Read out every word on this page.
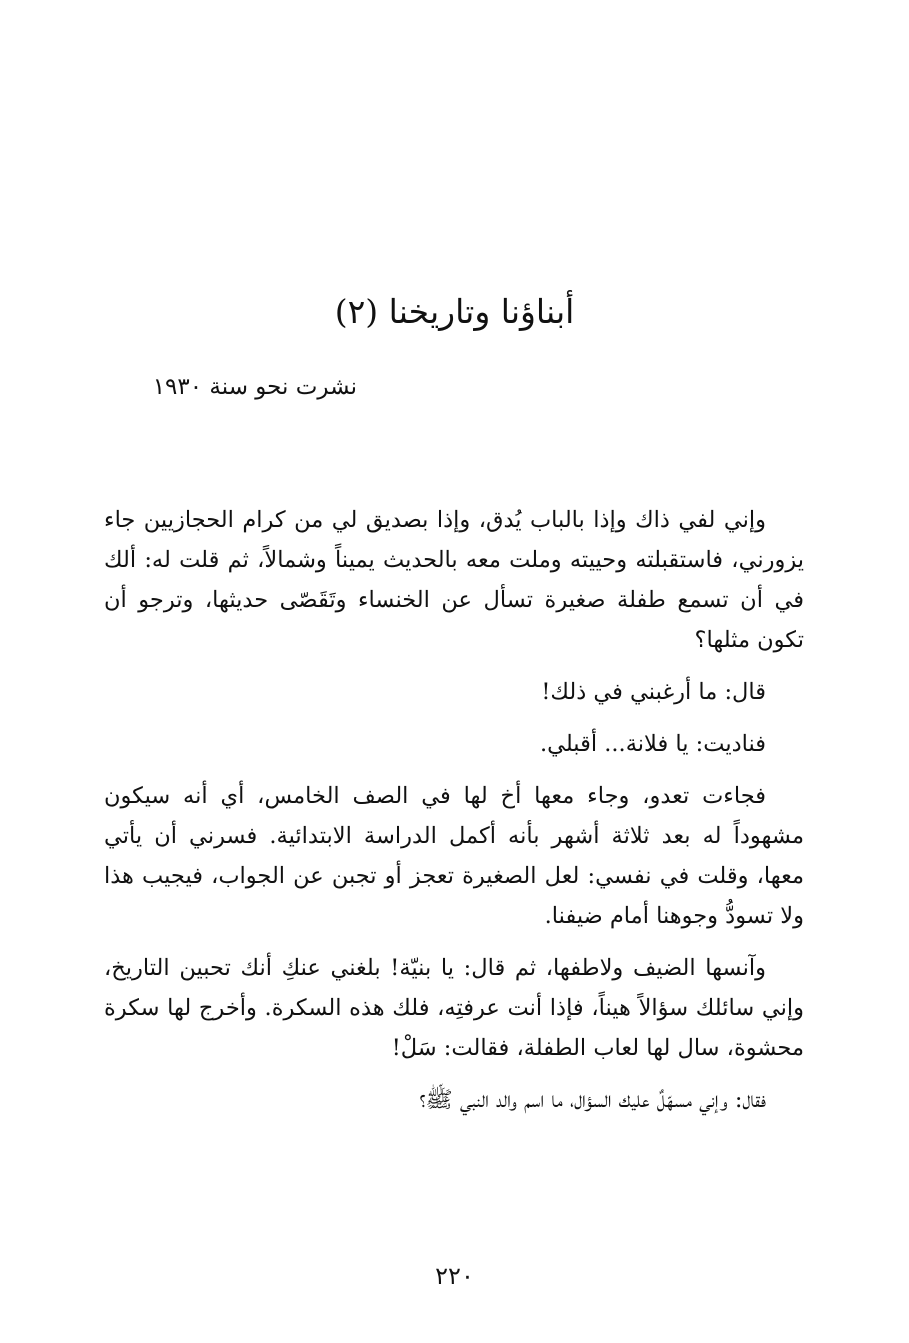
أبناؤنا وتاريخنا (٢)

نشرت نحو سنة ١٩٣٠

وإني لفي ذاك وإذا بالباب يُدق، وإذا بصديق لي من كرام الحجازيين جاء يزورني، فاستقبلته وحييته وملت معه بالحديث يميناً وشمالاً، ثم قلت له: ألك في أن تسمع طفلة صغيرة تسأل عن الخنساء وتَقَصّى حديثها، وترجو أن تكون مثلها؟

قال: ما أرغبني في ذلك!

فناديت: يا فلانة... أقبلي.

فجاءت تعدو، وجاء معها أخ لها في الصف الخامس، أي أنه سيكون مشهوداً له بعد ثلاثة أشهر بأنه أكمل الدراسة الابتدائية. فسرني أن يأتي معها، وقلت في نفسي: لعل الصغيرة تعجز أو تجبن عن الجواب، فيجيب هذا ولا تسودُّ وجوهنا أمام ضيفنا.

وآنسها الضيف ولاطفها، ثم قال: يا بنيّة! بلغني عنكِ أنك تحبين التاريخ، وإني سائلك سؤالاً هيناً، فإذا أنت عرفتِه، فلك هذه السكرة. وأخرج لها سكرة محشوة، سال لها لعاب الطفلة، فقالت: سَلْ!

فقال: وإني مسهّلٌ عليك السؤال، ما اسم والد النبي ﷺ؟

٢٢٠
